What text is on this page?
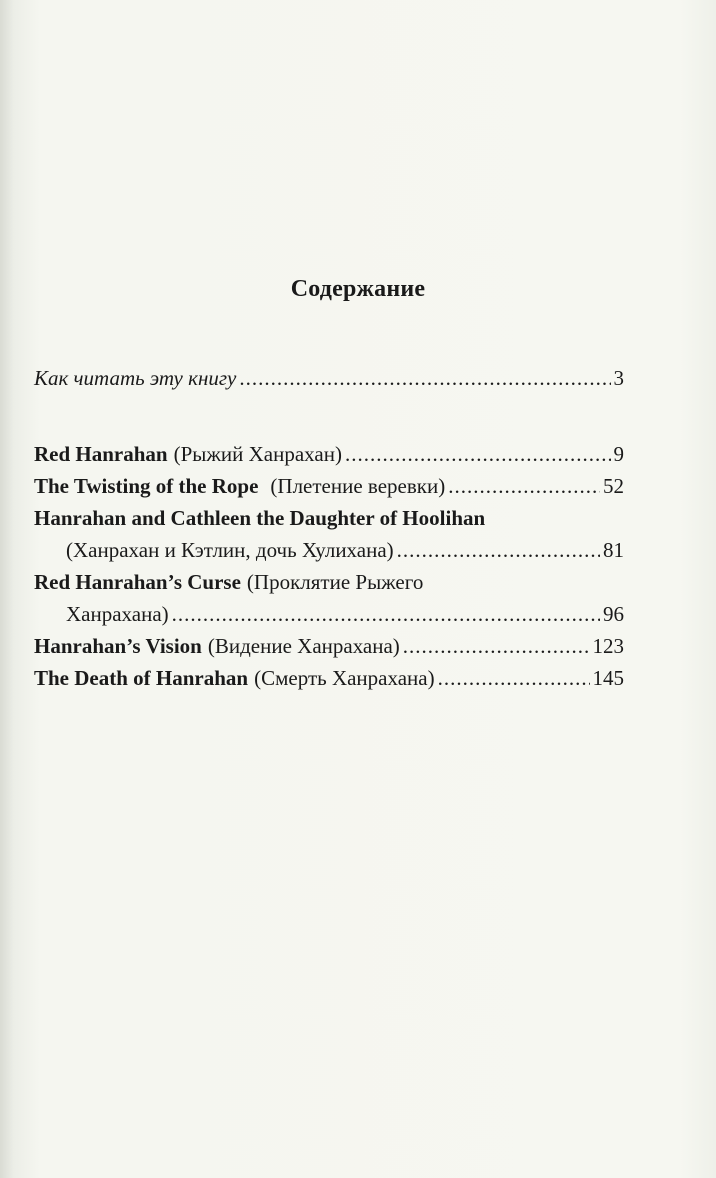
Содержание
Как читать эту книгу .....	3
Red Hanrahan (Рыжий Ханрахан) .....	9
The Twisting of the Rope (Плетение веревки) .....	52
Hanrahan and Cathleen the Daughter of Hoolihan
(Ханрахан и Кэтлин, дочь Хулихана) .....	81
Red Hanrahan’s Curse (Проклятие Рыжего
Ханрахана) .....	96
Hanrahan’s Vision (Видение Ханрахана) .....	123
The Death of Hanrahan (Смерть Ханрахана) .....	145
